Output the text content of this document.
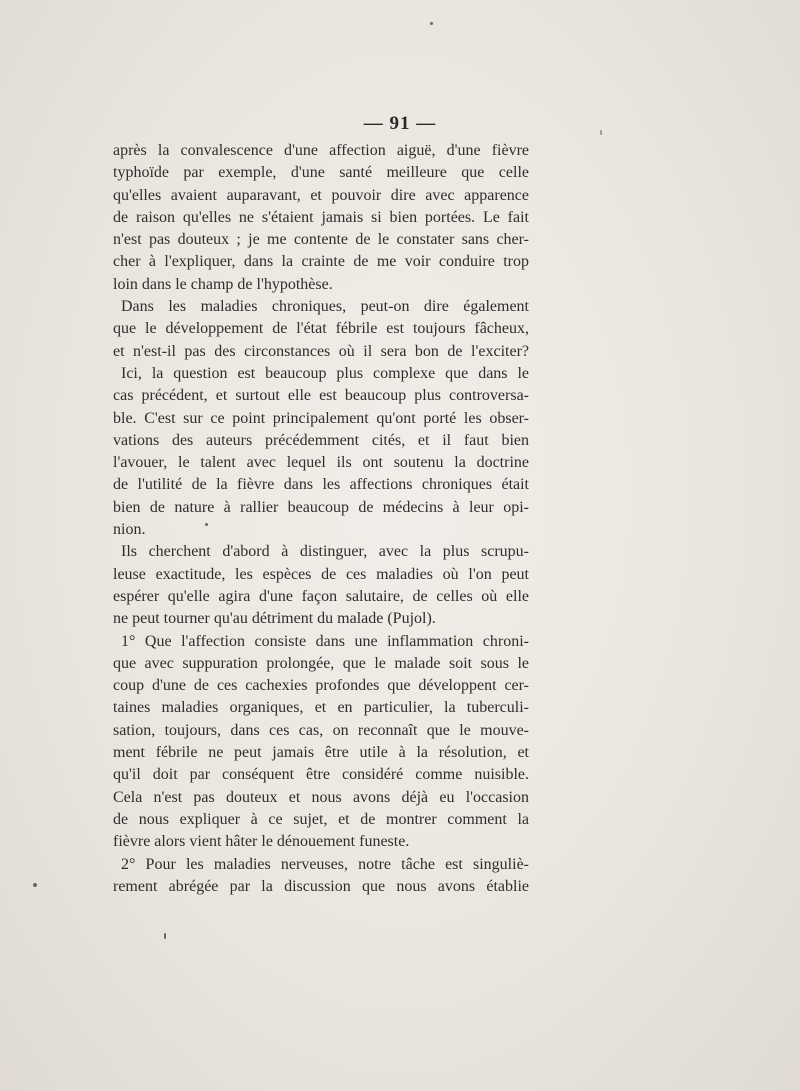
— 91 —
après la convalescence d'une affection aiguë, d'une fièvre
typhoïde par exemple, d'une santé meilleure que celle
qu'elles avaient auparavant, et pouvoir dire avec apparence
de raison qu'elles ne s'étaient jamais si bien portées. Le fait
n'est pas douteux ; je me contente de le constater sans cher-
cher à l'expliquer, dans la crainte de me voir conduire trop
loin dans le champ de l'hypothèse.
Dans les maladies chroniques, peut-on dire également
que le développement de l'état fébrile est toujours fâcheux,
et n'est-il pas des circonstances où il sera bon de l'exciter?
Ici, la question est beaucoup plus complexe que dans le
cas précédent, et surtout elle est beaucoup plus controversa-
ble. C'est sur ce point principalement qu'ont porté les obser-
vations des auteurs précédemment cités, et il faut bien
l'avouer, le talent avec lequel ils ont soutenu la doctrine
de l'utilité de la fièvre dans les affections chroniques était
bien de nature à rallier beaucoup de médecins à leur opi-
nion.
Ils cherchent d'abord à distinguer, avec la plus scrupu-
leuse exactitude, les espèces de ces maladies où l'on peut
espérer qu'elle agira d'une façon salutaire, de celles où elle
ne peut tourner qu'au détriment du malade (Pujol).
1° Que l'affection consiste dans une inflammation chroni-
que avec suppuration prolongée, que le malade soit sous le
coup d'une de ces cachexies profondes que développent cer-
taines maladies organiques, et en particulier, la tuberculi-
sation, toujours, dans ces cas, on reconnaît que le mouve-
ment fébrile ne peut jamais être utile à la résolution, et
qu'il doit par conséquent être considéré comme nuisible.
Cela n'est pas douteux et nous avons déjà eu l'occasion
de nous expliquer à ce sujet, et de montrer comment la
fièvre alors vient hâter le dénouement funeste.
2° Pour les maladies nerveuses, notre tâche est singuliè-
rement abrégée par la discussion que nous avons établie
